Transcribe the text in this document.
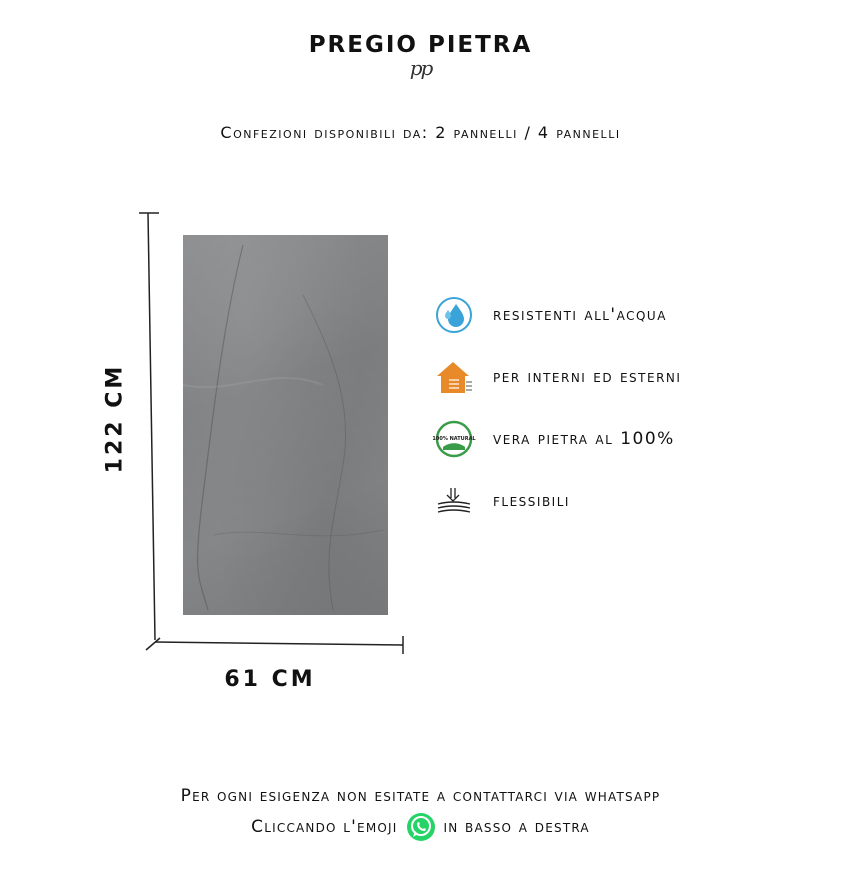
PREGIO PIETRA
pp
Confezioni disponibili da: 2 pannelli / 4 pannelli
122 CM
61 CM
resistenti all'acqua
per interni ed esterni
100% NATURAL vera pietra al 100%
flessibili
Per ogni esigenza non esitate a contattarci via whatsapp
Cliccando l'emoji	in basso a destra
